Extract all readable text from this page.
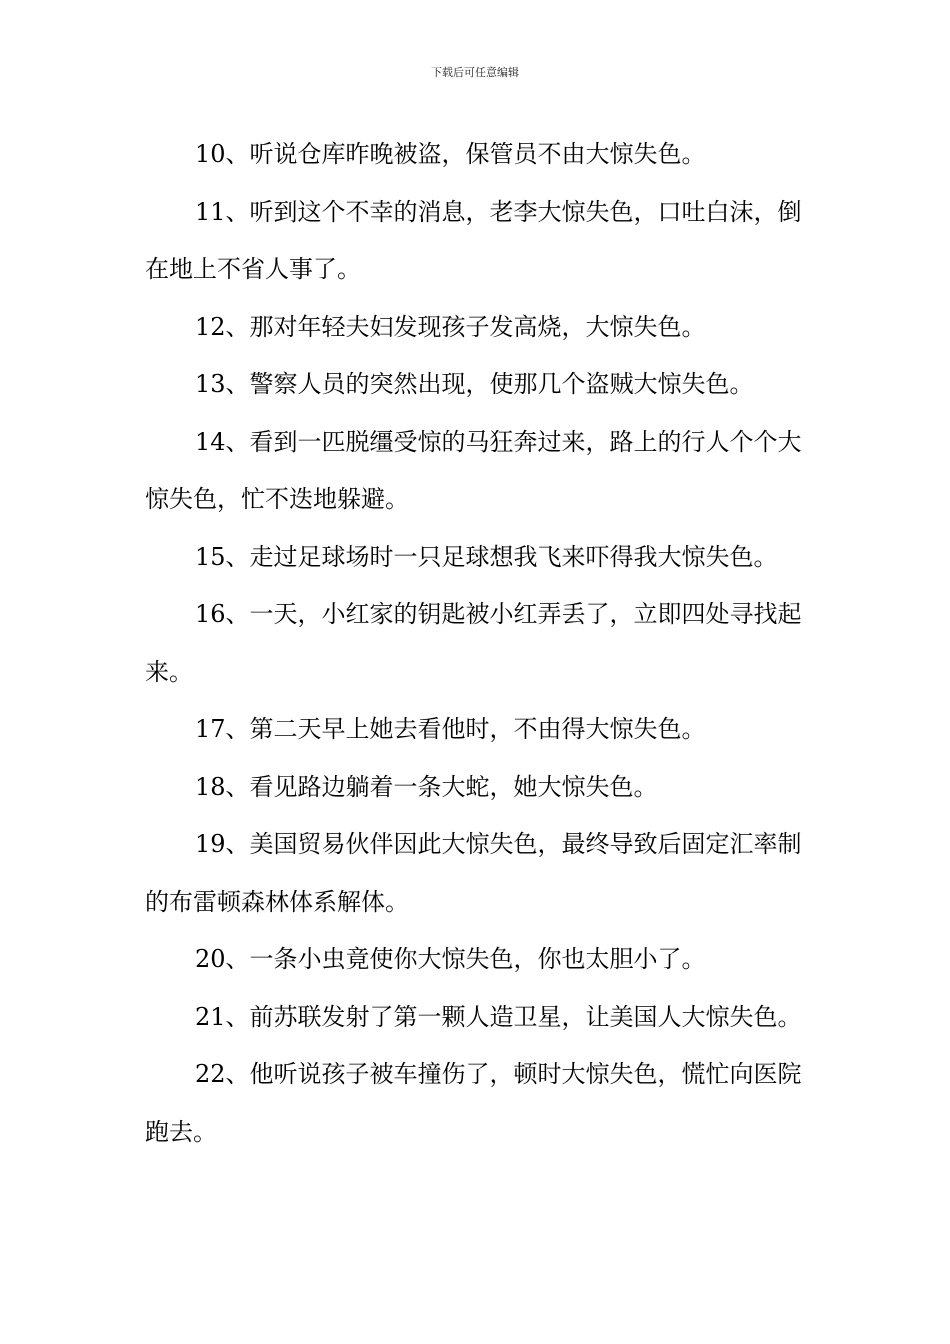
下载后可任意编辑

10、听说仓库昨晚被盗，保管员不由大惊失色。

11、听到这个不幸的消息，老李大惊失色，口吐白沫，倒在地上不省人事了。

12、那对年轻夫妇发现孩子发高烧，大惊失色。

13、警察人员的突然出现，使那几个盗贼大惊失色。

14、看到一匹脱缰受惊的马狂奔过来，路上的行人个个大惊失色，忙不迭地躲避。

15、走过足球场时一只足球想我飞来吓得我大惊失色。

16、一天，小红家的钥匙被小红弄丢了，立即四处寻找起来。

17、第二天早上她去看他时，不由得大惊失色。

18、看见路边躺着一条大蛇，她大惊失色。

19、美国贸易伙伴因此大惊失色，最终导致后固定汇率制的布雷顿森林体系解体。

20、一条小虫竟使你大惊失色，你也太胆小了。

21、前苏联发射了第一颗人造卫星，让美国人大惊失色。

22、他听说孩子被车撞伤了，顿时大惊失色，慌忙向医院跑去。
